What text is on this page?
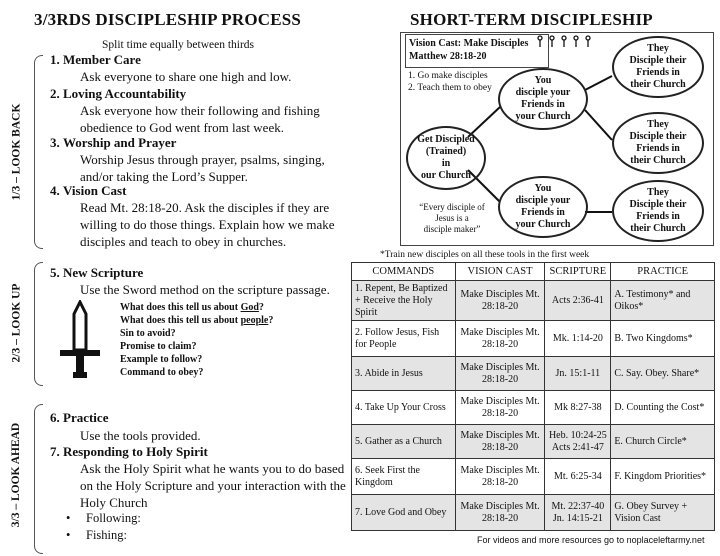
3/3RDS DISCIPLESHIP PROCESS	SHORT-TERM DISCIPLESHIP
Split time equally between thirds
1/3 – LOOK BACK
2/3 – LOOK UP
3/3 – LOOK AHEAD
1. Member Care
Ask everyone to share one high and low.
2. Loving Accountability
Ask everyone how their following and fishing
obedience to God went from last week.
3. Worship and Prayer
Worship Jesus through prayer, psalms, singing,
and/or taking the Lord’s Supper.
4. Vision Cast
Read Mt. 28:18-20. Ask the disciples if they are
willing to do those things. Explain how we make
disciples and teach to obey in churches.
5. New Scripture
Use the Sword method on the scripture passage.
What does this tell us about God?
What does this tell us about people?
Sin to avoid?
Promise to claim?
Example to follow?
Command to obey?
6. Practice
Use the tools provided.
7. Responding to Holy Spirit
Ask the Holy Spirit what he wants you to do based
on the Holy Scripture and your interaction with the
Holy Church
• Following:
• Fishing:
Vision Cast: Make Disciples
Matthew 28:18-20
1. Go make disciples
2. Teach them to obey
Get Discipled
(Trained)
in
our Church
You
disciple your
Friends in
your Church
You
disciple your
Friends in
your Church
They
Disciple their
Friends in
their Church
They
Disciple their
Friends in
their Church
They
Disciple their
Friends in
their Church
“Every disciple of
Jesus is a
disciple maker”
*Train new disciples on all these tools in the first week
COMMANDS	VISION CAST	SCRIPTURE	PRACTICE
1. Repent, Be Baptized + Receive the Holy Spirit	Make Disciples Mt. 28:18-20	Acts 2:36-41	A. Testimony* and Oikos*
2. Follow Jesus, Fish for People	Make Disciples Mt. 28:18-20	Mk. 1:14-20	B. Two Kingdoms*
3. Abide in Jesus	Make Disciples Mt. 28:18-20	Jn. 15:1-11	C. Say. Obey. Share*
4. Take Up Your Cross	Make Disciples Mt. 28:18-20	Mk 8:27-38	D. Counting the Cost*
5. Gather as a Church	Make Disciples Mt. 28:18-20	Heb. 10:24-25 Acts 2:41-47	E. Church Circle*
6. Seek First the Kingdom	Make Disciples Mt. 28:18-20	Mt. 6:25-34	F. Kingdom Priorities*
7. Love God and Obey	Make Disciples Mt. 28:18-20	Mt. 22:37-40 Jn. 14:15-21	G. Obey Survey + Vision Cast
For videos and more resources go to noplaceleftarmy.net
